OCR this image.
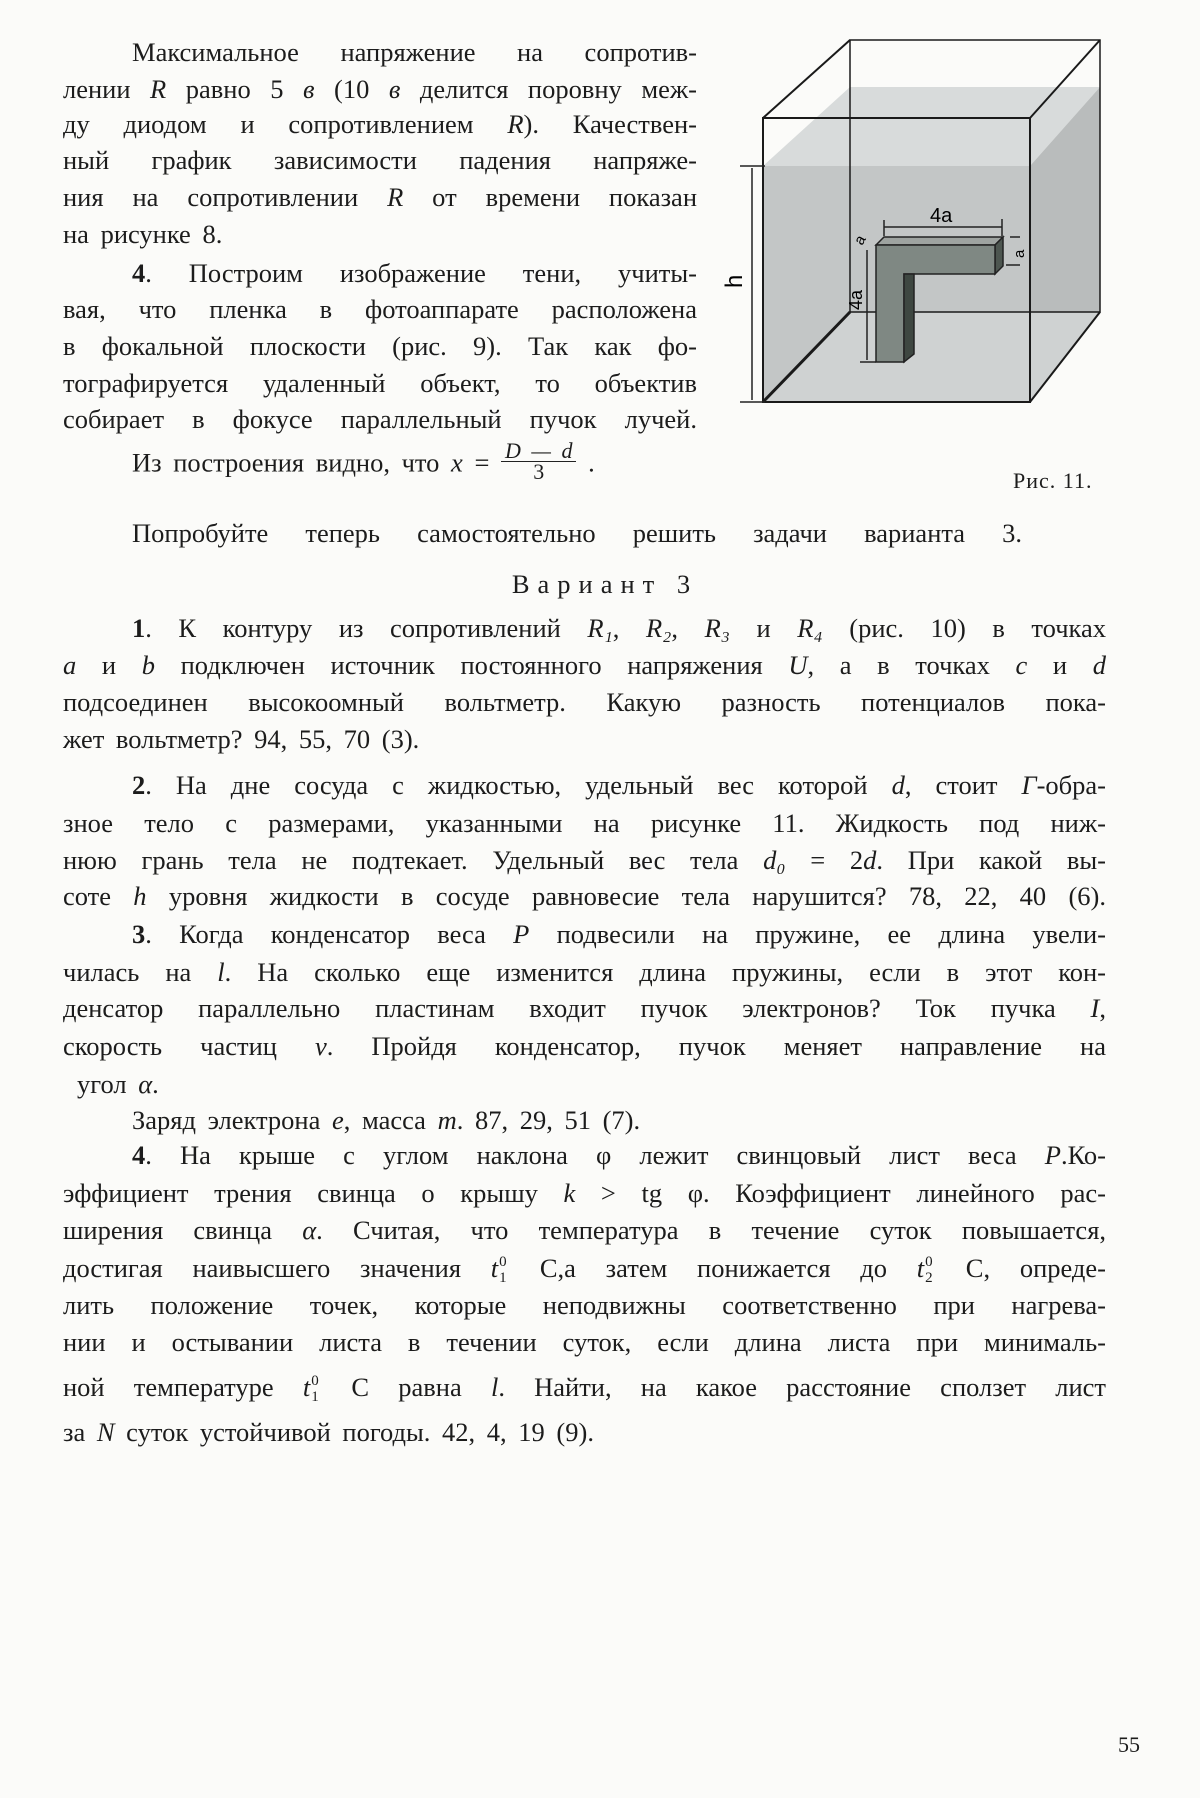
h
4a
4a
a
a
Рис. 11.
Максимальное напряжение на сопротив-
лении R равно 5 в (10 в делится поровну меж-
ду диодом и сопротивлением R). Качествен-
ный график зависимости падения напряже-
ния на сопротивлении R от времени показан
на рисунке 8.
4. Построим изображение тени, учиты-
вая, что пленка в фотоаппарате расположена
в фокальной плоскости (рис. 9). Так как фо-
тографируется удаленный объект, то объектив
собирает в фокусе параллельный пучок лучей.
Из построения видно, что $x = \frac{D — d}{3}$ .
Попробуйте теперь самостоятельно решить задачи варианта 3.
Вариант 3
1. К контуру из сопротивлений R₁, R₂, R₃ и R₄ (рис. 10) в точках
a и b подключен источник постоянного напряжения U, а в точках c и d
подсоединен высокоомный вольтметр. Какую разность потенциалов пока-
жет вольтметр? 94, 55, 70 (3).
2. На дне сосуда с жидкостью, удельный вес которой d, стоит Г-обра-
зное тело с размерами, указанными на рисунке 11. Жидкость под ниж-
нюю грань тела не подтекает. Удельный вес тела d₀ = 2d. При какой вы-
соте h уровня жидкости в сосуде равновесие тела нарушится? 78, 22, 40 (6).
3. Когда конденсатор веса P подвесили на пружине, ее длина увели-
чилась на l. На сколько еще изменится длина пружины, если в этот кон-
денсатор параллельно пластинам входит пучок электронов? Ток пучка I,
скорость частиц v. Пройдя конденсатор, пучок меняет направление на
угол α.
Заряд электрона e, масса m. 87, 29, 51 (7).
4. На крыше с углом наклона φ лежит свинцовый лист веса P.Ко-
эффициент трения свинца о крышу k > tg φ. Коэффициент линейного рас-
ширения свинца α. Считая, что температура в течение суток повышается,
достигая наивысшего значения t 0
1 С,а затем понижается до t 0
2 С, опреде-
лить положение точек, которые неподвижны соответственно при нагрева-
нии и остывании листа в течении суток, если длина листа при минималь-
ной температуре t 0
1 С равна l. Найти, на какое расстояние сползет лист
за N суток устойчивой погоды. 42, 4, 19 (9).
55
